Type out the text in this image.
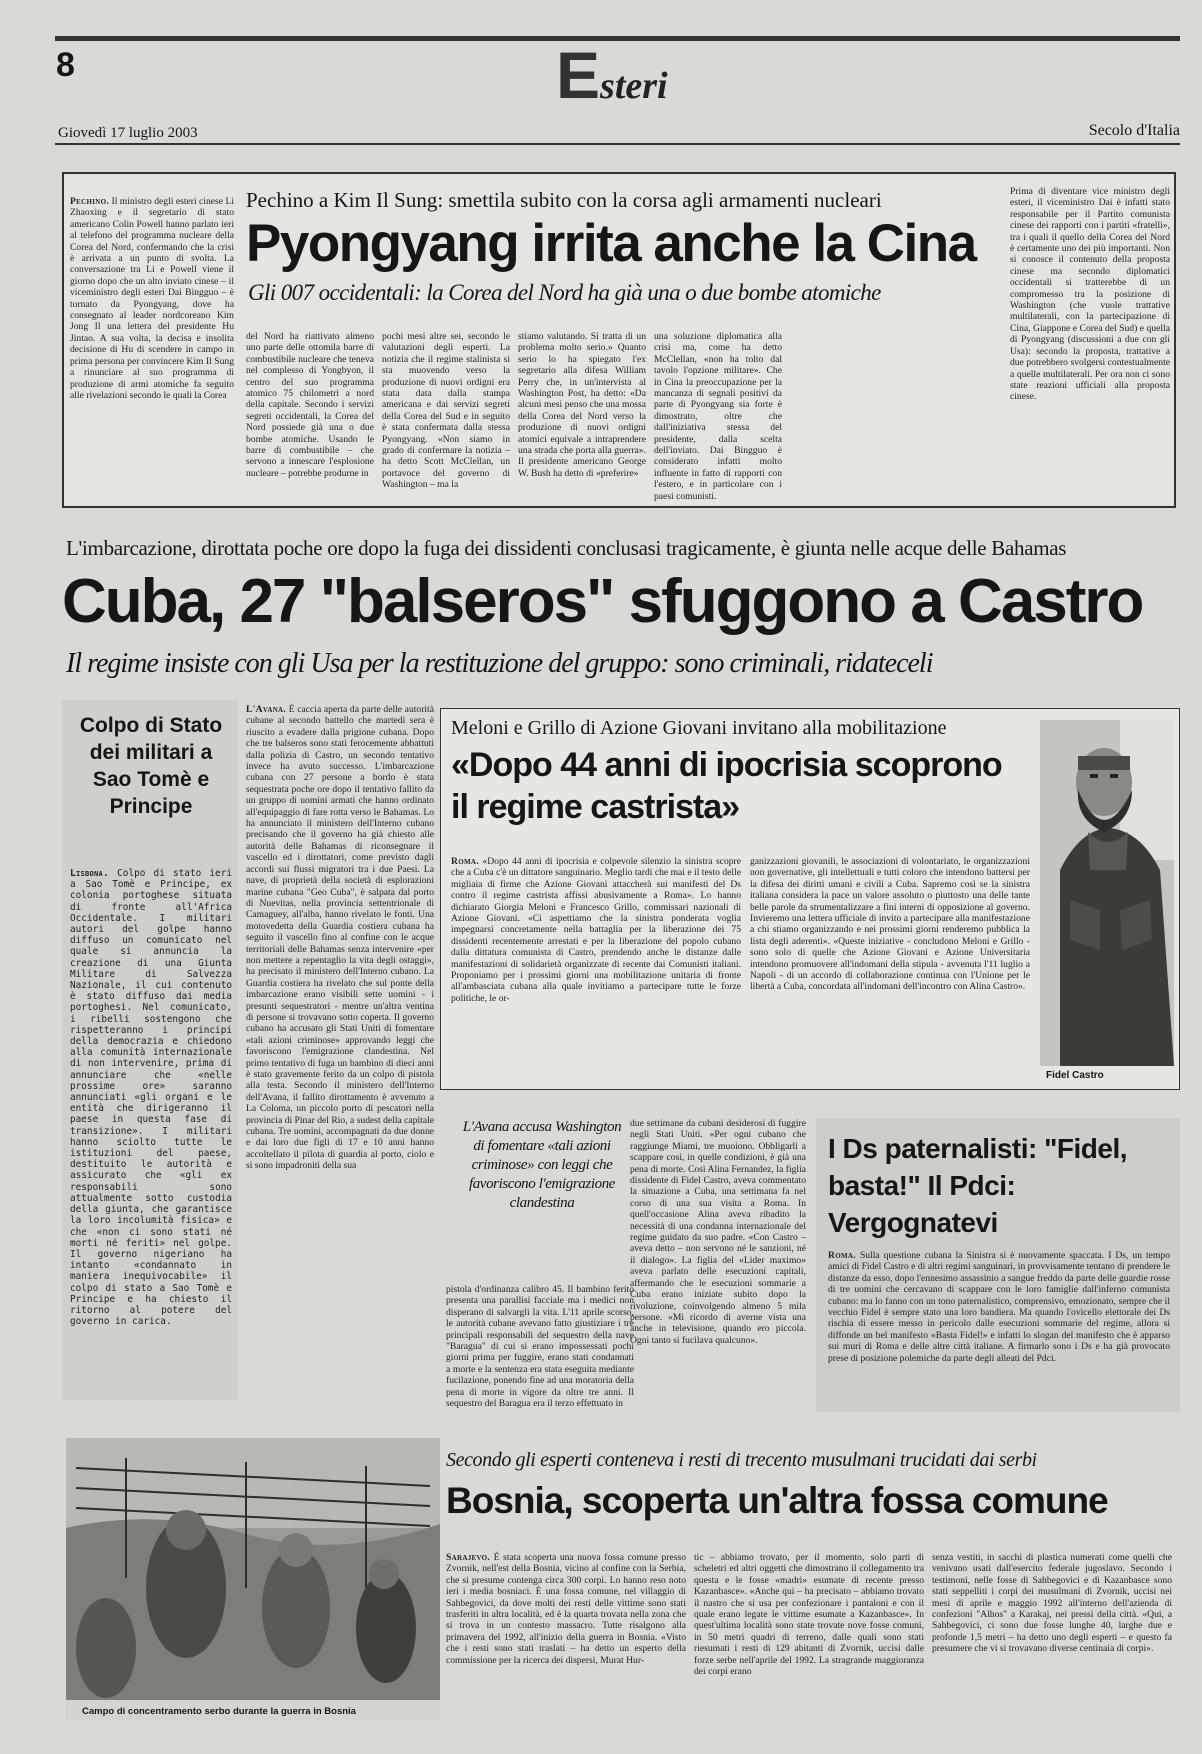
8	Esteri
Giovedì 17 luglio 2003	Secolo d'Italia
Pechino. Il ministro degli esteri cinese Li Zhaoxing e il segretario di stato americano Colin Powell hanno parlato ieri al telefono del programma nucleare della Corea del Nord, confermando che la crisi è arrivata a un punto di svolta. La conversazione tra Li e Powell viene il giorno dopo che un alto inviato cinese – il viceministro degli esteri Dai Bingguo – è tornato da Pyongyang, dove ha consegnato al leader nordcoreano Kim Jong Il una lettera del presidente Hu Jintao. A sua volta, la decisa e insolita decisione di Hu di scendere in campo in prima persona per convincere Kim Il Sung a rinunciare al suo programma di produzione di armi atomiche fa seguito alle rivelazioni secondo le quali la Corea
Pechino a Kim Il Sung: smettila subito con la corsa agli armamenti nucleari
Pyongyang irrita anche la Cina
Gli 007 occidentali: la Corea del Nord ha già una o due bombe atomiche
del Nord ha riattivato almeno uno parte delle ottomila barre di combustibile nucleare che teneva nel complesso di Yongbyon, il centro del suo programma atomico 75 chilometri a nord della capitale. Secondo i servizi segreti occidentali, la Corea del Nord possiede già una o due bombe atomiche. Usando le barre di combustibile – che servono a innescare l'esplosione nucleare – potrebbe produrne in
pochi mesi altre sei, secondo le valutazioni degli esperti. La notizia che il regime stalinista si sta muovendo verso la produzione di nuovi ordigni era stata data dalla stampa americana e dai servizi segreti della Corea del Sud e in seguito è stata confermata dalla stessa Pyongyang. «Non siamo in grado di confermare la notizia – ha detto Scott McClellan, un portavoce del governo di Washington – ma la
stiamo valutando. Si tratta di un problema molto serio.» Quanto serio lo ha spiegato l'ex segretario alla difesa William Perry che, in un'intervista al Washington Post, ha detto: «Da alcuni mesi penso che una mossa della Corea del Nord verso la produzione di nuovi ordigni atomici equivale a intraprendere una strada che porta alla guerra». Il presidente americano George W. Bush ha detto di «preferire»
una soluzione diplomatica alla crisi ma, come ha detto McClellan, «non ha tolto dal tavolo l'opzione militare». Che in Cina la preoccupazione per la mancanza di segnali positivi da parte di Pyongyang sia forte è dimostrato, oltre che dall'iniziativa stessa del presidente, dalla scelta dell'inviato. Dai Bingguo è considerato infatti molto influente in fatto di rapporti con l'estero, e in particolare con i paesi comunisti.
Prima di diventare vice ministro degli esteri, il viceministro Dai è infatti stato responsabile per il Partito comunista cinese dei rapporti con i partiti «fratelli», tra i quali il quello della Corea del Nord è certamente uno dei più importanti. Non si conosce il contenuto della proposta cinese ma secondo diplomatici occidentali si tratterebbe di un compromesso tra la posizione di Washington (che vuole trattative multilaterali, con la partecipazione di Cina, Giappone e Corea del Sud) e quella di Pyongyang (discussioni a due con gli Usa): secondo la proposta, trattative a due potrebbero svolgersi contestualmente a quelle multilaterali. Per ora non ci sono state reazioni ufficiali alla proposta cinese.
L'imbarcazione, dirottata poche ore dopo la fuga dei dissidenti conclusasi tragicamente, è giunta nelle acque delle Bahamas
Cuba, 27 "balseros" sfuggono a Castro
Il regime insiste con gli Usa per la restituzione del gruppo: sono criminali, ridateceli
Colpo di Stato dei militari a Sao Tomè e Principe
Lisbona. Colpo di stato ieri a Sao Tomè e Principe, ex colonia portoghese situata di fronte all'Africa Occidentale. I militari autori del golpe hanno diffuso un comunicato nel quale si annuncia la creazione di una Giunta Militare di Salvezza Nazionale, il cui contenuto è stato diffuso dai media portoghesi. Nel comunicato, i ribelli sostengono che rispetteranno i principi della democrazia e chiedono alla comunità internazionale di non intervenire, prima di annunciare che «nelle prossime ore» saranno annunciati «gli organi e le entità che dirigeranno il paese in questa fase di transizione». I militari hanno sciolto tutte le istituzioni del paese, destituito le autorità e assicurato che «gli ex responsabili sono attualmente sotto custodia della giunta, che garantisce la loro incolumità fisica» e che «non ci sono stati né morti né feriti» nel golpe. Il governo nigeriano ha intanto «condannato in maniera inequivocabile» il colpo di stato a Sao Tomè e Principe e ha chiesto il ritorno al potere del governo in carica.
L'Avana. È caccia aperta da parte delle autorità cubane al secondo battello che martedì sera è riuscito a evadere dalla prigione cubana. Dopo che tre balseros sono stati ferocemente abbattuti dalla polizia di Castro, un secondo tentativo invece ha avuto successo. L'imbarcazione cubana con 27 persone a bordo è stata sequestrata poche ore dopo il tentativo fallito da un gruppo di uomini armati che hanno ordinato all'equipaggio di fare rotta verso le Bahamas. Lo ha annunciato il ministero dell'Interno cubano precisando che il governo ha già chiesto alle autorità delle Bahamas di riconsegnare il vascello ed i dirottatori, come previsto dagli accordi sui flussi migratori tra i due Paesi. La nave, di proprietà della società di esplorazioni marine cubana "Geo Cuba", è salpata dal porto di Nuevitas, nella provincia settentrionale di Camaguey, all'alba, hanno rivelato le fonti. Una motovedetta della Guardia costiera cubana ha seguito il vascello fino al confine con le acque territoriali delle Bahamas senza intervenire «per non mettere a repentaglio la vita degli ostaggi», ha precisato il ministero dell'Interno cubano. La Guardia costiera ha rivelato che sul ponte della imbarcazione erano visibili sette uomini - i presunti sequestratori - mentre un'altra ventina di persone si trovavano sotto coperta. Il governo cubano ha accusato gli Stati Uniti di fomentare «tali azioni criminose» approvando leggi che favoriscono l'emigrazione clandestina. Nel primo tentativo di fuga un bambino di dieci anni è stato gravemente ferito da un colpo di pistola alla testa. Secondo il ministero dell'Interno dell'Avana, il fallito dirottamento è avvenuto a La Coloma, un piccolo porto di pescatori nella provincia di Pinar del Rio, a sudest della capitale cubana. Tre uomini, accompagnati da due donne e dai loro due figli di 17 e 10 anni hanno accoltellato il pilota di guardia al porto, ciolo e si sono impadroniti della sua
Meloni e Grillo di Azione Giovani invitano alla mobilitazione
«Dopo 44 anni di ipocrisia scoprono il regime castrista»
Roma. «Dopo 44 anni di ipocrisia e colpevole silenzio la sinistra scopre che a Cuba c'è un dittatore sanguinario. Meglio tardi che mai e il testo delle migliaia di firme che Azione Giovani attaccherà sui manifesti del Ds contro il regime castrista affissi abusivamente a Roma». Lo hanno dichiarato Giorgia Meloni e Francesco Grillo, commissari nazionali di Azione Giovani. «Ci aspettiamo che la sinistra ponderata voglia impegnarsi concretamente nella battaglia per la liberazione dei 75 dissidenti recentemente arrestati e per la liberazione del popolo cubano dalla dittatura comunista di Castro, prendendo anche le distanze dalle manifestazioni di solidarietà organizzate di recente dai Comunisti italiani. Proponiamo per i prossimi giorni una mobilitazione unitaria di fronte all'ambasciata cubana alla quale invitiamo a partecipare tutte le forze politiche, le or-
ganizzazioni giovanili, le associazioni di volontariato, le organizzazioni non governative, gli intellettuali e tutti coloro che intendono battersi per la difesa dei diritti umani e civili a Cuba. Sapremo così se la sinistra italiana considera la pace un valore assoluto o piuttosto una delle tante belle parole da strumentalizzare a fini interni di opposizione al governo. Invieremo una lettera ufficiale di invito a partecipare alla manifestazione a chi stiamo organizzando e nei prossimi giorni renderemo pubblica la lista degli aderenti». «Queste iniziative - concludono Meloni e Grillo - sono solo di quelle che Azione Giovani e Azione Universitaria intendono promuovere all'indomani della stipula - avvenuta l'11 luglio a Napoli - di un accordo di collaborazione continua con l'Unione per le libertà a Cuba, concordata all'indomani dell'incontro con Alina Castro».
Fidel Castro
L'Avana accusa Washington di fomentare «tali azioni criminose» con leggi che favoriscono l'emigrazione clandestina
pistola d'ordinanza calibro 45. Il bambino ferito presenta una parallisi facciale ma i medici non disperano di salvargli la vita. L'11 aprile scorso, le autorità cubane avevano fatto giustiziare i tre principali responsabili del sequestro della nave "Baragua" di cui si erano impossessati pochi giorni prima per fuggire, erano stati condannati a morte e la sentenza era stata eseguita mediante fucilazione, ponendo fine ad una moratoria della pena di morte in vigore da oltre tre anni. Il sequestro del Baragua era il terzo effettuato in
due settimane da cubani desiderosi di fuggire negli Stati Uniti. «Per ogni cubano che raggiunge Miami, tre muoiono. Obbligarli a scappare così, in quelle condizioni, è già una pena di morte. Così Alina Fernandez, la figlia dissidente di Fidel Castro, aveva commentato la situazione a Cuba, una settimana fa nel corso di una sua visita a Roma. In quell'occasione Alina aveva ribadito la necessità di una condanna internazionale del regime guidato da suo padre. «Con Castro – aveva detto – non servono né le sanzioni, né il dialogo». La figlia del «Lider maximo» aveva parlato delle esecuzioni capitali, affermando che le esecuzioni sommarie a Cuba erano iniziate subito dopo la rivoluzione, coinvolgendo almeno 5 mila persone. «Mi ricordo di averne vista una anche in televisione, quando ero piccola. Ogni tanto si fucilava qualcuno».
I Ds paternalisti: "Fidel, basta!" Il Pdci: Vergognatevi
Roma. Sulla questione cubana la Sinistra si è nuovamente spaccata. I Ds, un tempo amici di Fidel Castro e di altri regimi sanguinari, in provvisamente tentano di prendere le distanze da esso, dopo l'ennesimo assassinio a sangue freddo da parte delle guardie rosse di tre uomini che cercavano di scappare con le loro famiglie dall'inferno comunista cubano: ma lo fanno con un tono paternalistico, comprensivo, emozionato, sempre che il vecchio Fidel è sempre stato una loro bandiera. Ma quando l'ovicello elettorale dei Ds rischia di essere messo in pericolo dalle esecuzioni sommarie del regime, allora si diffonde un bel manifesto «Basta Fidel!» e infatti lo slogan del manifesto che è apparso sui muri di Roma e delle altre città italiane. A firmarlo sono i Ds e ha già provocato prese di posizione polemiche da parte degli alleati del Pdci.
Campo di concentramento serbo durante la guerra in Bosnia
Secondo gli esperti conteneva i resti di trecento musulmani trucidati dai serbi
Bosnia, scoperta un'altra fossa comune
Sarajevo. È stata scoperta una nuova fossa comune presso Zvornik, nell'est della Bosnia, vicino al confine con la Serbia, che si presume contenga circa 300 corpi. Lo hanno reso noto ieri i media bosniaci. È una fossa comune, nel villaggio di Sahbegovici, da dove molti dei resti delle vittime sono stati trasferiti in altra località, ed è la quarta trovata nella zona che si trova in un contesto massacro. Tutte risalgono alla primavera del 1992, all'inizio della guerra in Bosnia. «Visto che i resti sono stati traslati – ha detto un esperto della commissione per la ricerca dei dispersi, Murat Hur-
tic – abbiamo trovato, per il momento, solo parti di scheletri ed altri oggetti che dimostrano il collegamento tra questa e le fosse «madri» esumate di recente presso Kazanbasce». «Anche qui – ha precisato – abbiamo trovato il nastro che si usa per confezionare i pantaloni e con il quale erano legate le vittime esumate a Kazanbasce». In quest'ultima località sono state trovate nove fosse comuni, in 50 metri quadri di terreno, dalle quali sono stati riesumati i resti di 129 abitanti di Zvornik, uccisi dalle forze serbe nell'aprile del 1992. La stragrande maggioranza dei corpi erano
senza vestiti, in sacchi di plastica numerati come quelli che venivano usati dall'esercito federale jugoslavo. Secondo i testimoni, nelle fosse di Sahbegovici e di Kazanbasce sono stati seppelliti i corpi dei musulmani di Zvornik, uccisi nei mesi di aprile e maggio 1992 all'interno dell'azienda di confezioni "Alhos" a Karakaj, nei pressi della città. «Qui, a Sahbegovici, ci sono due fosse lunghe 40, larghe due e profonde 1,5 metri – ha detto uno degli esperti – e questo fa presumere che vi si trovavano diverse centinaia di corpi».
